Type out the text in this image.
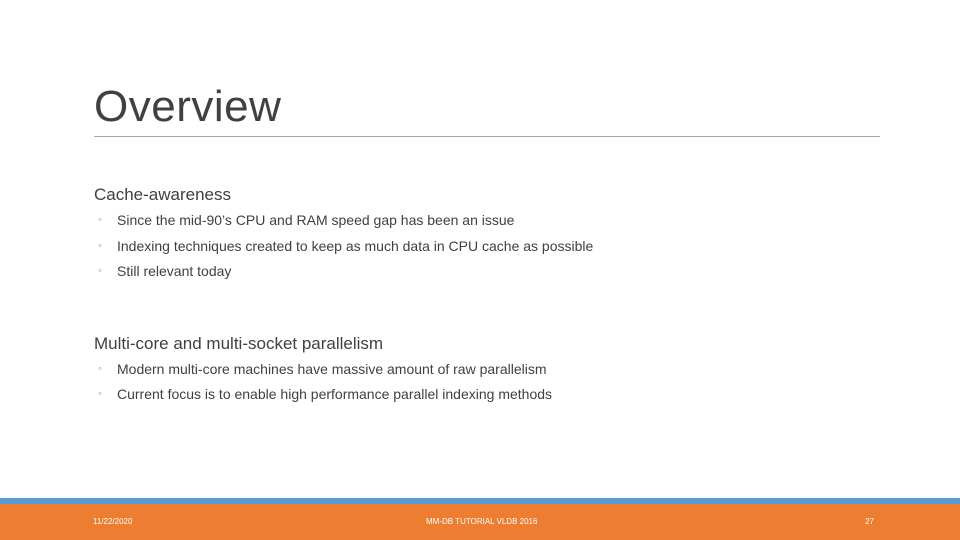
Overview

Cache-awareness

◦ Since the mid-90’s CPU and RAM speed gap has been an issue
◦ Indexing techniques created to keep as much data in CPU cache as possible
◦ Still relevant today

Multi-core and multi-socket parallelism

◦ Modern multi-core machines have massive amount of raw parallelism
◦ Current focus is to enable high performance parallel indexing methods
11/22/2020	MM-DB TUTORIAL VLDB 2016	27
